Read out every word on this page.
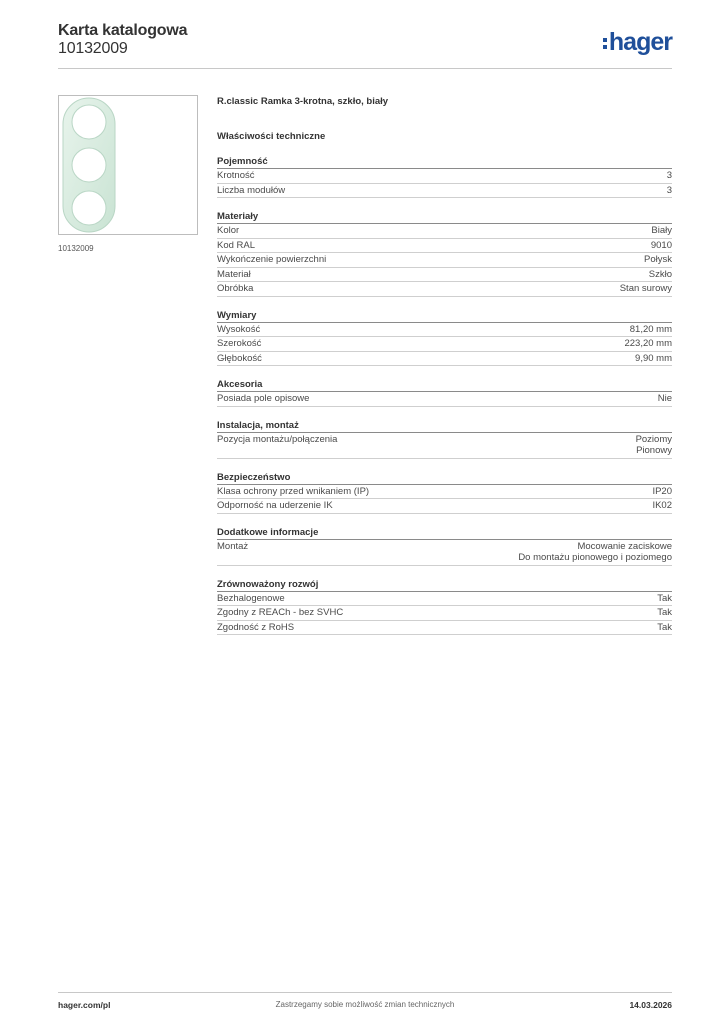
Karta katalogowa
10132009	hager
10132009
R.classic Ramka 3-krotna, szkło, biały
Właściwości techniczne
Pojemność
Krotność	3
Liczba modułów	3
Materiały
Kolor	Biały
Kod RAL	9010
Wykończenie powierzchni	Połysk
Materiał	Szkło
Obróbka	Stan surowy
Wymiary
Wysokość	81,20 mm
Szerokość	223,20 mm
Głębokość	9,90 mm
Akcesoria
Posiada pole opisowe	Nie
Instalacja, montaż
Pozycja montażu/połączenia	Poziomy
Pionowy
Bezpieczeństwo
Klasa ochrony przed wnikaniem (IP)	IP20
Odporność na uderzenie IK	IK02
Dodatkowe informacje
Montaż	Mocowanie zaciskowe
Do montażu pionowego i poziomego
Zrównoważony rozwój
Bezhalogenowe	Tak
Zgodny z REACh - bez SVHC	Tak
Zgodność z RoHS	Tak
hager.com/pl	Zastrzegamy sobie możliwość zmian technicznych	14.03.2026
